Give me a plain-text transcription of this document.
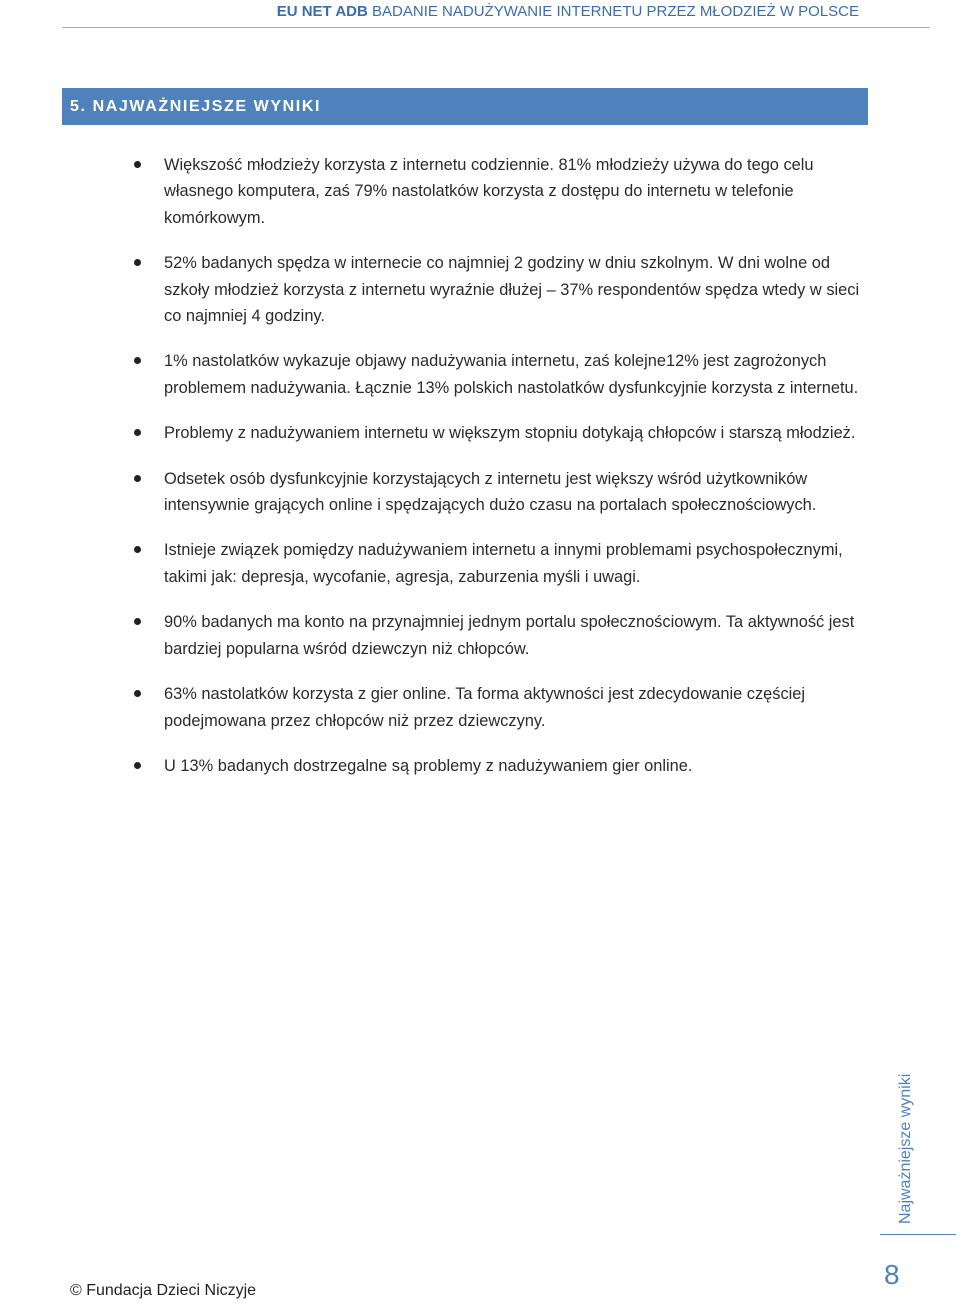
EU NET ADB BADANIE NADUŻYWANIE INTERNETU PRZEZ MŁODZIEŻ W POLSCE
5. NAJWAŻNIEJSZE WYNIKI
Większość młodzieży korzysta z internetu codziennie. 81% młodzieży używa do tego celu własnego komputera, zaś 79% nastolatków korzysta z dostępu do internetu w telefonie komórkowym.
52% badanych spędza w internecie co najmniej 2 godziny w dniu szkolnym. W dni wolne od szkoły młodzież korzysta z internetu wyraźnie dłużej – 37% respondentów spędza wtedy w sieci co najmniej 4 godziny.
1% nastolatków wykazuje objawy nadużywania internetu, zaś kolejne12% jest zagrożonych problemem nadużywania. Łącznie 13% polskich nastolatków dysfunkcyjnie korzysta z internetu.
Problemy z nadużywaniem internetu w większym stopniu dotykają chłopców i starszą młodzież.
Odsetek osób dysfunkcyjnie korzystających z internetu jest większy wśród użytkowników intensywnie grających online i spędzających dużo czasu na portalach społecznościowych.
Istnieje związek pomiędzy nadużywaniem internetu a innymi problemami psychospołecznymi, takimi jak: depresja, wycofanie, agresja, zaburzenia myśli i uwagi.
90% badanych ma konto na przynajmniej jednym portalu społecznościowym. Ta aktywność jest bardziej popularna wśród dziewczyn niż chłopców.
63% nastolatków korzysta z gier online. Ta forma aktywności jest zdecydowanie częściej podejmowana przez chłopców niż przez dziewczyny.
U 13% badanych dostrzegalne są problemy z nadużywaniem gier online.
Najważniejsze wyniki
8
© Fundacja Dzieci Niczyje
